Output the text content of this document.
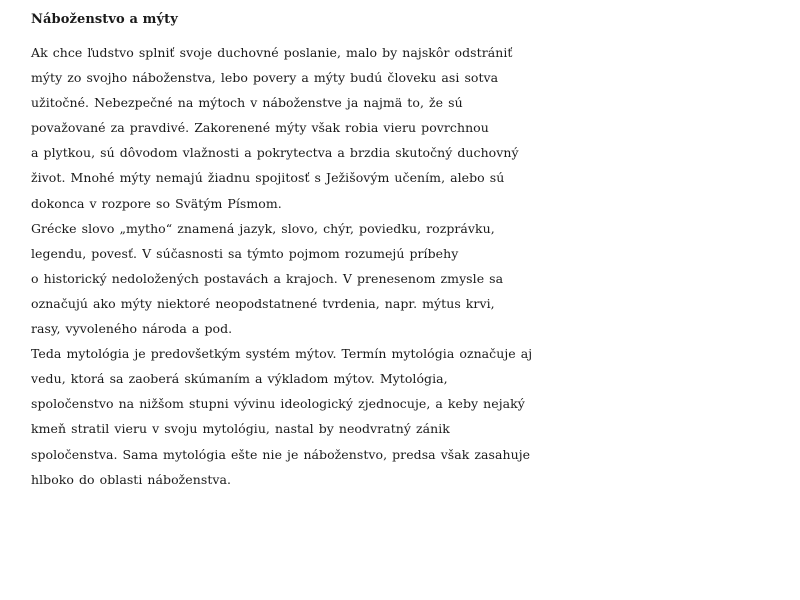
Náboženstvo a mýty

Ak chce ľudstvo splniť svoje duchovné poslanie, malo by najskôr odstrániť

mýty zo svojho náboženstva, lebo povery a mýty budú človeku asi sotva

užitočné. Nebezpečné na mýtoch v náboženstve ja najmä to, že sú

považované za pravdivé. Zakorenené mýty však robia vieru povrchnou

a plytkou, sú dôvodom vlažnosti a pokrytectva a brzdia skutočný duchovný

život. Mnohé mýty nemajú žiadnu spojitosť s Ježišovým učením, alebo sú

dokonca v rozpore so Svätým Písmom.

Grécke slovo „mytho“ znamená jazyk, slovo, chýr, poviedku, rozprávku,

legendu, povesť. V súčasnosti sa týmto pojmom rozumejú príbehy

o historický nedoložených postavách a krajoch. V prenesenom zmysle sa

označujú ako mýty niektoré neopodstatnené tvrdenia, napr. mýtus krvi,

rasy, vyvoleného národa a pod.

Teda mytológia je predovšetkým systém mýtov. Termín mytológia označuje aj

vedu, ktorá sa zaoberá skúmaním a výkladom mýtov. Mytológia,

spoločenstvo na nižšom stupni vývinu ideologický zjednocuje, a keby nejaký

kmeň stratil vieru v svoju mytológiu, nastal by neodvratný zánik

spoločenstva. Sama mytológia ešte nie je náboženstvo, predsa však zasahuje

hlboko do oblasti náboženstva.
